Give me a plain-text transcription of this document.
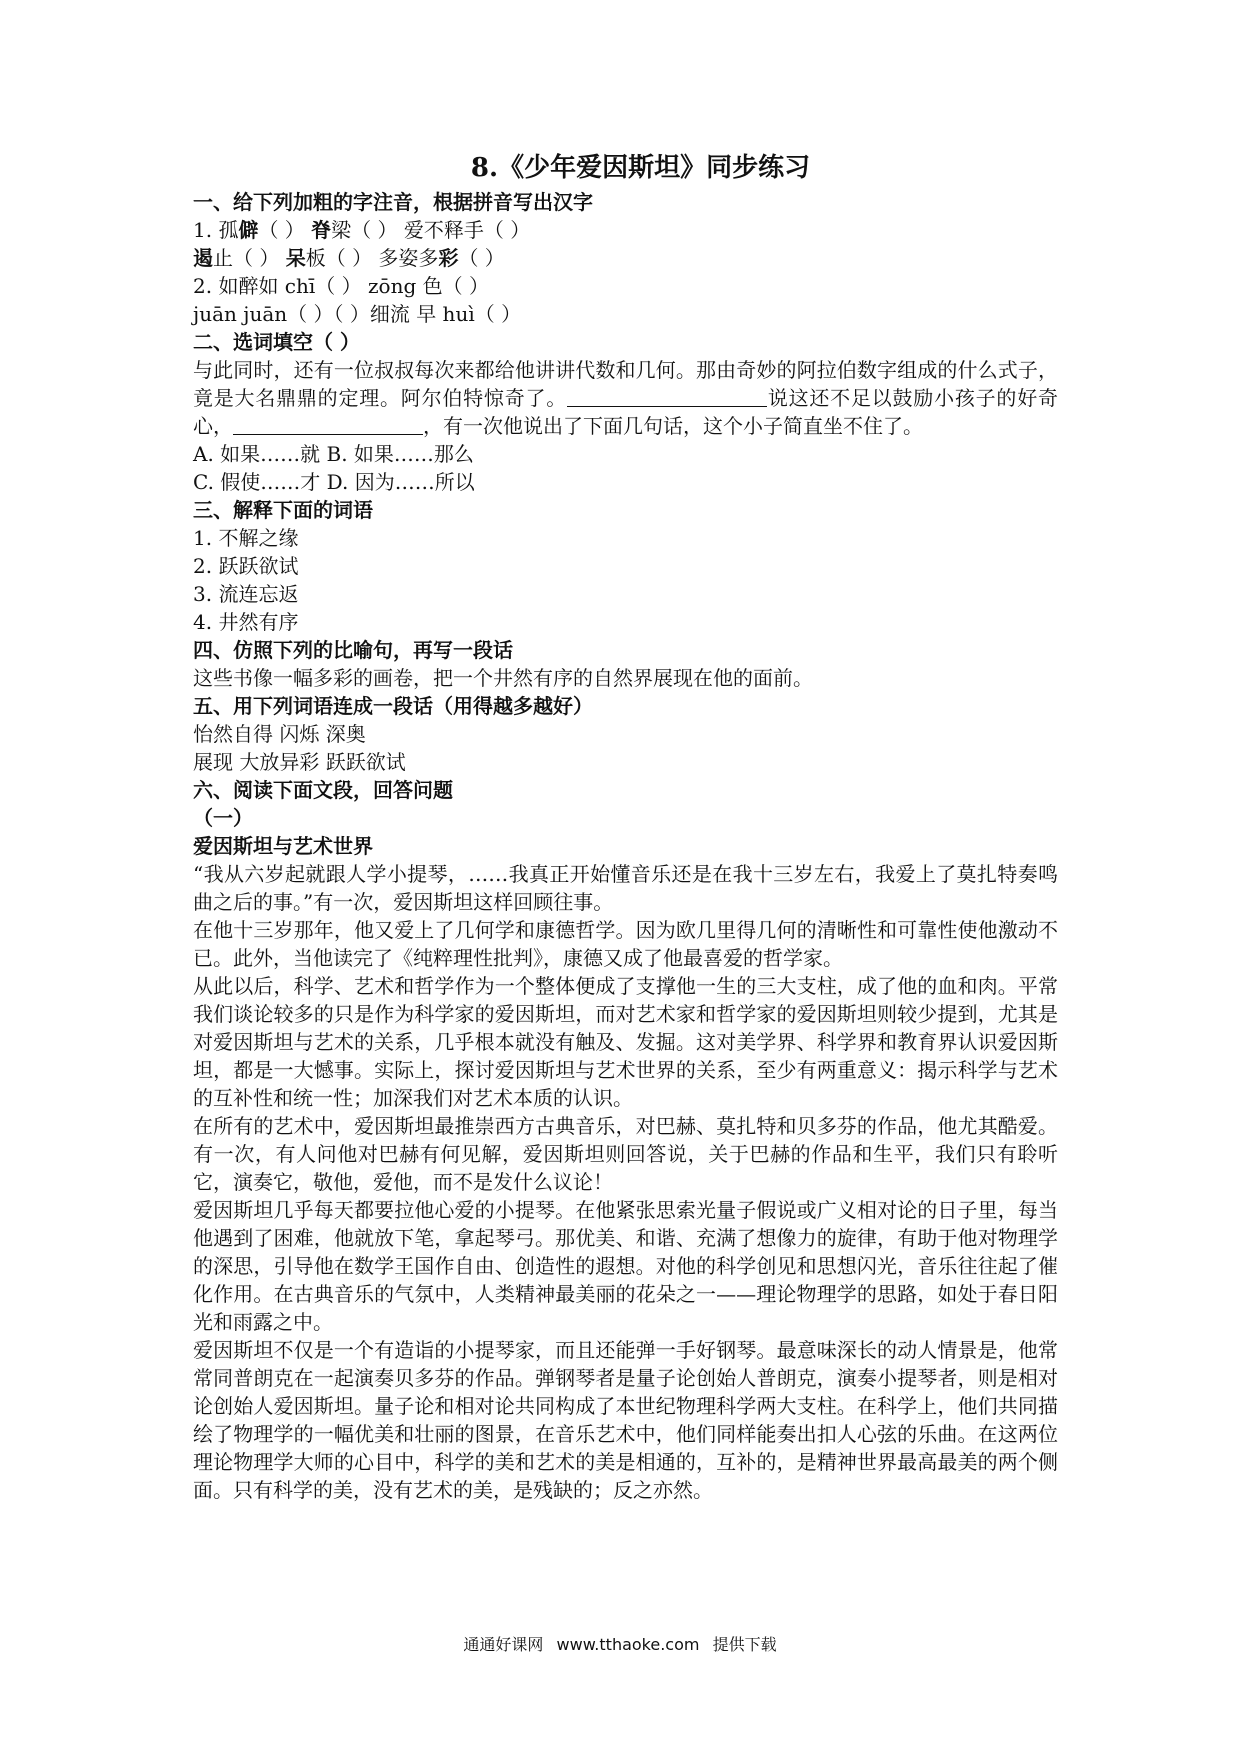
8.《少年爱因斯坦》同步练习
一、给下列加粗的字注音，根据拼音写出汉字
1. 孤僻（ ） 脊梁（ ） 爱不释手（ ）
遏止（ ） 呆板（ ） 多姿多彩（ ）
2. 如醉如 chī（ ） zōng 色（ ）
juān juān（ ）（ ）细流 早 huì（ ）
二、选词填空（ ）
与此同时，还有一位叔叔每次来都给他讲讲代数和几何。那由奇妙的阿拉伯数字组成的什么式子，竟是大名鼎鼎的定理。阿尔伯特惊奇了。	说这还不足以鼓励小孩子的好奇心，	，有一次他说出了下面几句话，这个小子简直坐不住了。
A. 如果……就 B. 如果……那么
C. 假使……才 D. 因为……所以
三、解释下面的词语
1. 不解之缘
2. 跃跃欲试
3. 流连忘返
4. 井然有序
四、仿照下列的比喻句，再写一段话
这些书像一幅多彩的画卷，把一个井然有序的自然界展现在他的面前。
五、用下列词语连成一段话（用得越多越好）
怡然自得 闪烁 深奥
展现 大放异彩 跃跃欲试
六、阅读下面文段，回答问题
（一）
爱因斯坦与艺术世界
“我从六岁起就跟人学小提琴，……我真正开始懂音乐还是在我十三岁左右，我爱上了莫扎特奏鸣曲之后的事。”有一次，爱因斯坦这样回顾往事。
在他十三岁那年，他又爱上了几何学和康德哲学。因为欧几里得几何的清晰性和可靠性使他激动不已。此外，当他读完了《纯粹理性批判》，康德又成了他最喜爱的哲学家。
从此以后，科学、艺术和哲学作为一个整体便成了支撑他一生的三大支柱，成了他的血和肉。平常我们谈论较多的只是作为科学家的爱因斯坦，而对艺术家和哲学家的爱因斯坦则较少提到，尤其是对爱因斯坦与艺术的关系，几乎根本就没有触及、发掘。这对美学界、科学界和教育界认识爱因斯坦，都是一大憾事。实际上，探讨爱因斯坦与艺术世界的关系，至少有两重意义：揭示科学与艺术的互补性和统一性；加深我们对艺术本质的认识。
在所有的艺术中，爱因斯坦最推崇西方古典音乐，对巴赫、莫扎特和贝多芬的作品，他尤其酷爱。有一次，有人问他对巴赫有何见解，爱因斯坦则回答说，关于巴赫的作品和生平，我们只有聆听它，演奏它，敬他，爱他，而不是发什么议论！
爱因斯坦几乎每天都要拉他心爱的小提琴。在他紧张思索光量子假说或广义相对论的日子里，每当他遇到了困难，他就放下笔，拿起琴弓。那优美、和谐、充满了想像力的旋律，有助于他对物理学的深思，引导他在数学王国作自由、创造性的遐想。对他的科学创见和思想闪光，音乐往往起了催化作用。在古典音乐的气氛中，人类精神最美丽的花朵之一——理论物理学的思路，如处于春日阳光和雨露之中。
爱因斯坦不仅是一个有造诣的小提琴家，而且还能弹一手好钢琴。最意味深长的动人情景是，他常常同普朗克在一起演奏贝多芬的作品。弹钢琴者是量子论创始人普朗克，演奏小提琴者，则是相对论创始人爱因斯坦。量子论和相对论共同构成了本世纪物理科学两大支柱。在科学上，他们共同描绘了物理学的一幅优美和壮丽的图景，在音乐艺术中，他们同样能奏出扣人心弦的乐曲。在这两位理论物理学大师的心目中，科学的美和艺术的美是相通的，互补的，是精神世界最高最美的两个侧面。只有科学的美，没有艺术的美，是残缺的；反之亦然。
通通好课网 www.tthaoke.com 提供下载
